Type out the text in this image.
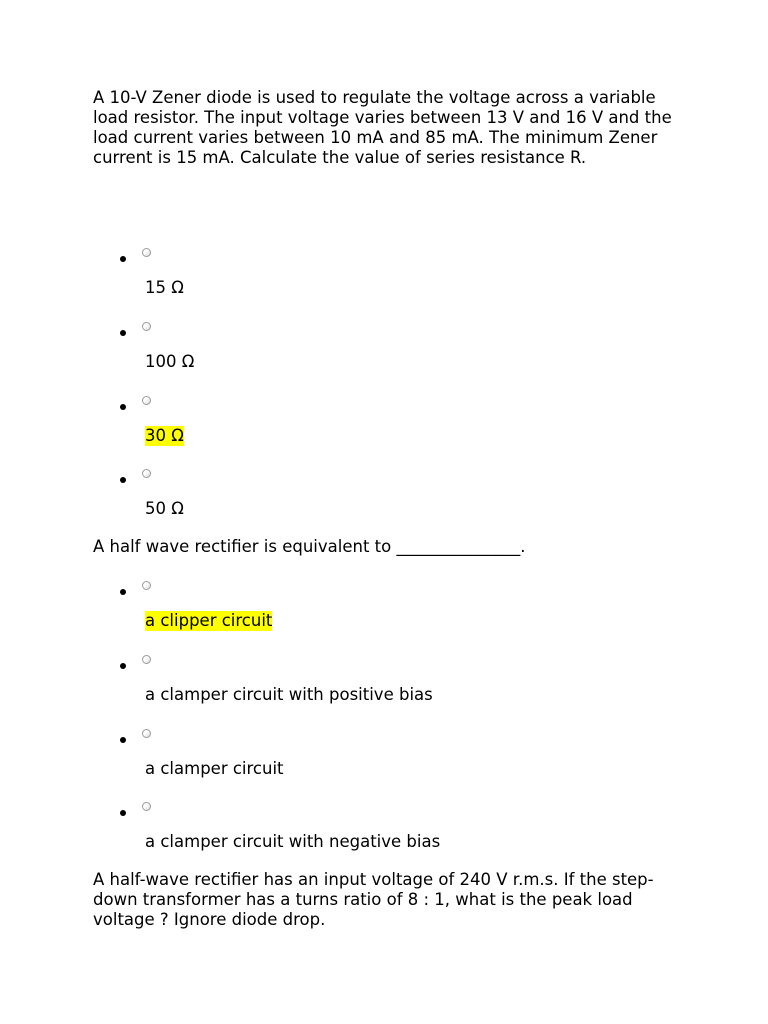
A 10-V Zener diode is used to regulate the voltage across a variable load resistor. The input voltage varies between 13 V and 16 V and the load current varies between 10 mA and 85 mA. The minimum Zener current is 15 mA. Calculate the value of series resistance R.

15 Ω
100 Ω
30 Ω
50 Ω

A half wave rectifier is equivalent to _______________.

a clipper circuit
a clamper circuit with positive bias
a clamper circuit
a clamper circuit with negative bias

A half-wave rectifier has an input voltage of 240 V r.m.s. If the step-down transformer has a turns ratio of 8 : 1, what is the peak load voltage ? Ignore diode drop.
